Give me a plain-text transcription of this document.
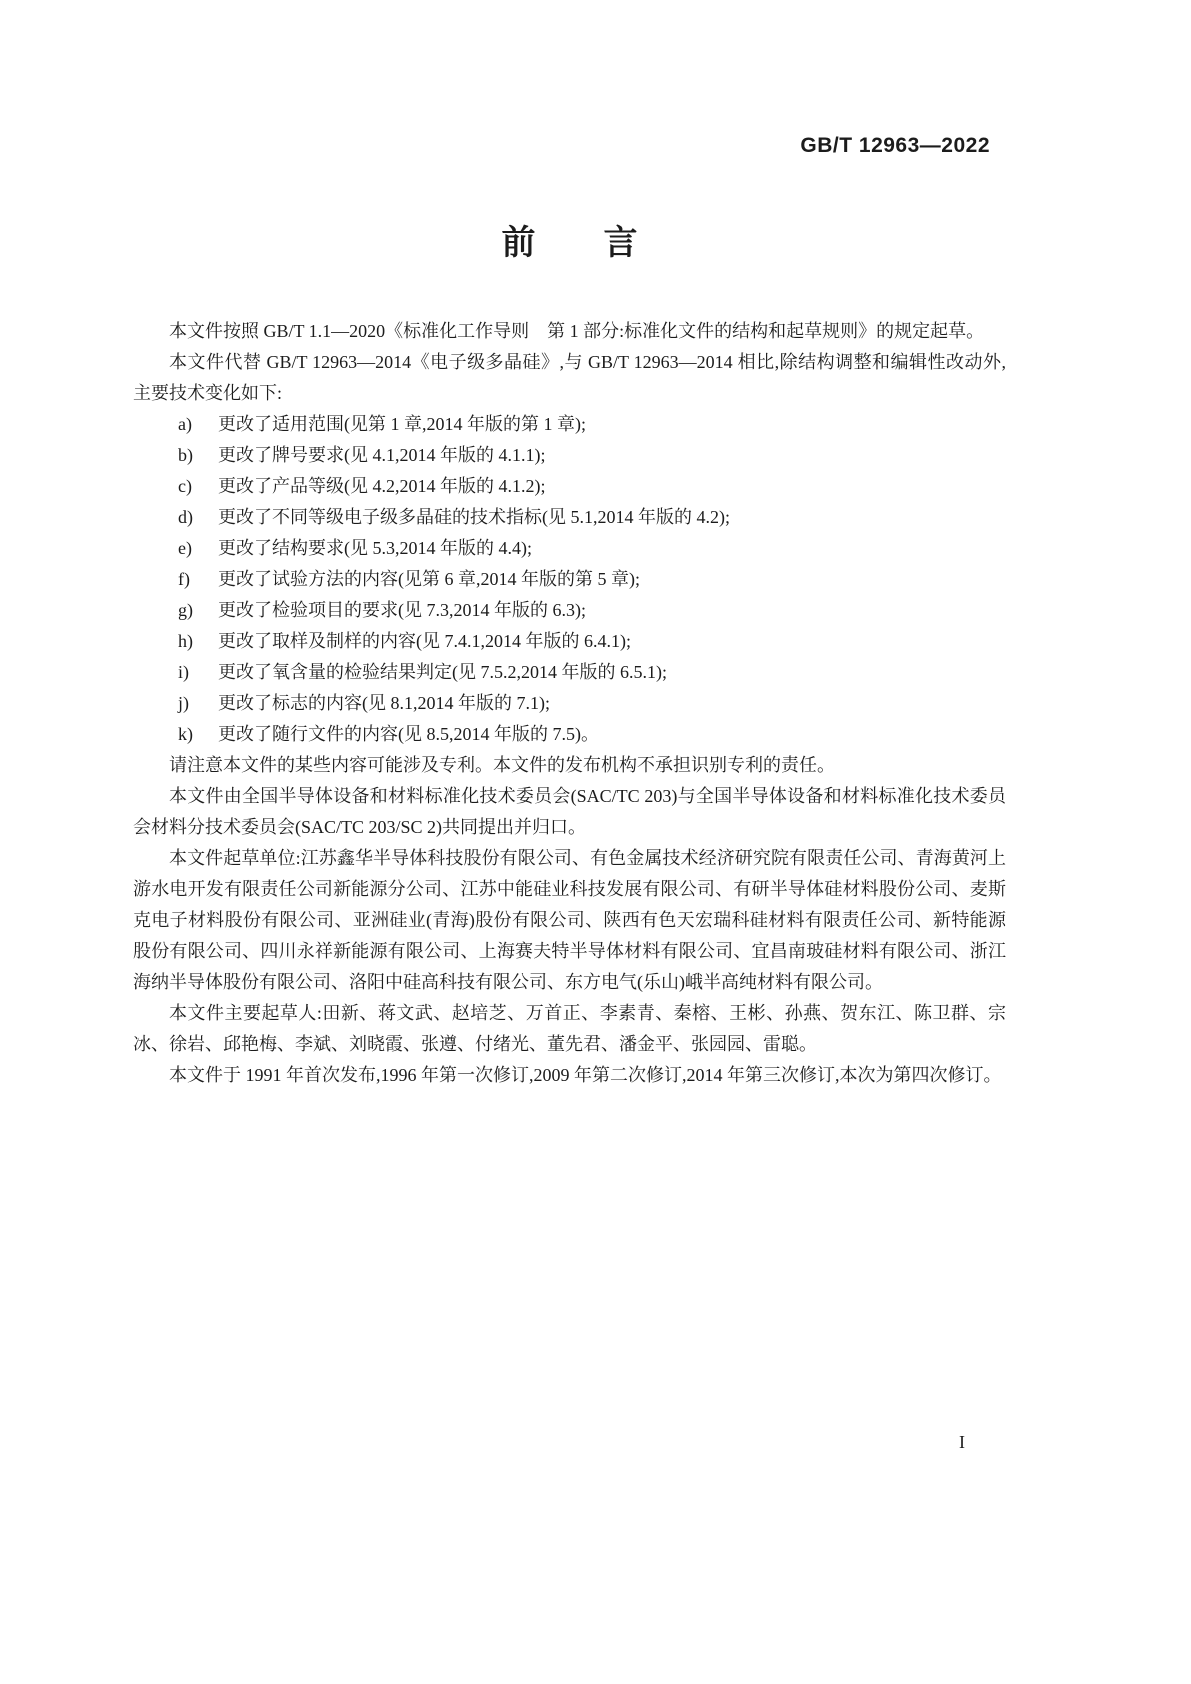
GB/T 12963—2022
前　　言

本文件按照 GB/T 1.1—2020《标准化工作导则　第 1 部分:标准化文件的结构和起草规则》的规定起草。

本文件代替 GB/T 12963—2014《电子级多晶硅》,与 GB/T 12963—2014 相比,除结构调整和编辑性改动外,主要技术变化如下:

a)	更改了适用范围(见第 1 章,2014 年版的第 1 章);
b)	更改了牌号要求(见 4.1,2014 年版的 4.1.1);
c)	更改了产品等级(见 4.2,2014 年版的 4.1.2);
d)	更改了不同等级电子级多晶硅的技术指标(见 5.1,2014 年版的 4.2);
e)	更改了结构要求(见 5.3,2014 年版的 4.4);
f)	更改了试验方法的内容(见第 6 章,2014 年版的第 5 章);
g)	更改了检验项目的要求(见 7.3,2014 年版的 6.3);
h)	更改了取样及制样的内容(见 7.4.1,2014 年版的 6.4.1);
i)	更改了氧含量的检验结果判定(见 7.5.2,2014 年版的 6.5.1);
j)	更改了标志的内容(见 8.1,2014 年版的 7.1);
k)	更改了随行文件的内容(见 8.5,2014 年版的 7.5)。

请注意本文件的某些内容可能涉及专利。本文件的发布机构不承担识别专利的责任。

本文件由全国半导体设备和材料标准化技术委员会(SAC/TC 203)与全国半导体设备和材料标准化技术委员会材料分技术委员会(SAC/TC 203/SC 2)共同提出并归口。

本文件起草单位:江苏鑫华半导体科技股份有限公司、有色金属技术经济研究院有限责任公司、青海黄河上游水电开发有限责任公司新能源分公司、江苏中能硅业科技发展有限公司、有研半导体硅材料股份公司、麦斯克电子材料股份有限公司、亚洲硅业(青海)股份有限公司、陕西有色天宏瑞科硅材料有限责任公司、新特能源股份有限公司、四川永祥新能源有限公司、上海赛夫特半导体材料有限公司、宜昌南玻硅材料有限公司、浙江海纳半导体股份有限公司、洛阳中硅高科技有限公司、东方电气(乐山)峨半高纯材料有限公司。

本文件主要起草人:田新、蒋文武、赵培芝、万首正、李素青、秦榕、王彬、孙燕、贺东江、陈卫群、宗冰、徐岩、邱艳梅、李斌、刘晓霞、张遵、付绪光、董先君、潘金平、张园园、雷聪。

本文件于 1991 年首次发布,1996 年第一次修订,2009 年第二次修订,2014 年第三次修订,本次为第四次修订。

I
